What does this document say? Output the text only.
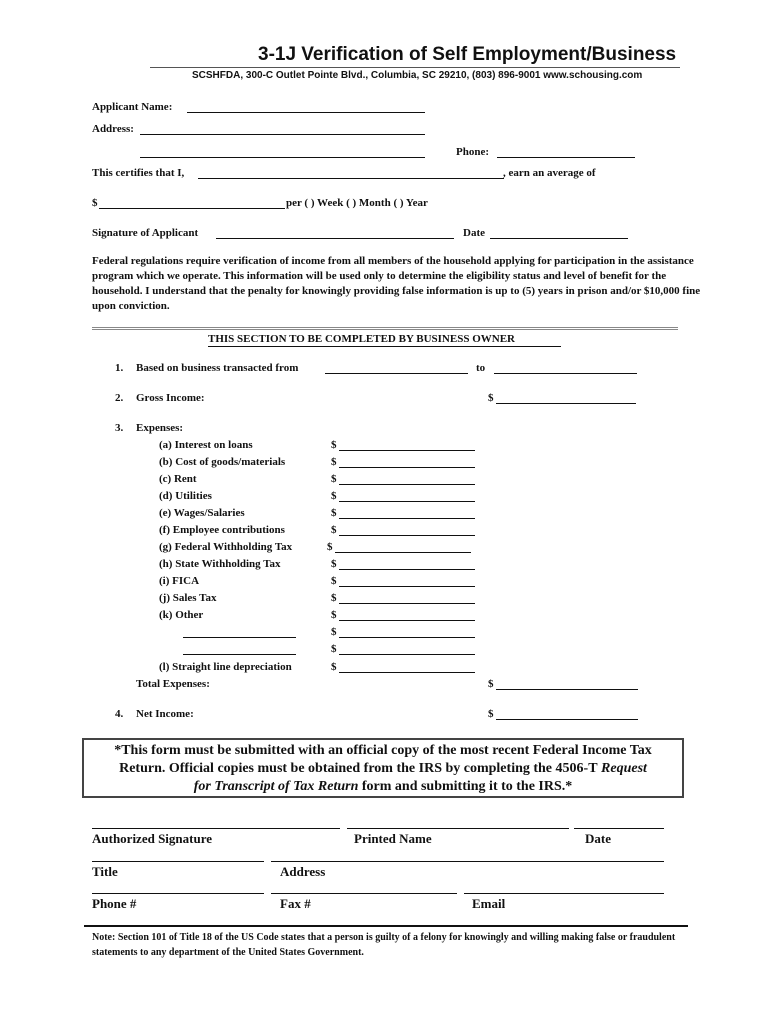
3-1J Verification of Self Employment/Business
SCSHFDA, 300-C Outlet Pointe Blvd., Columbia, SC 29210, (803) 896-9001 www.schousing.com
Applicant Name:
Address:
Phone:
This certifies that I,	, earn an average of
$	per ( ) Week ( ) Month ( ) Year
Signature of Applicant	Date
Federal regulations require verification of income from all members of the household applying for participation in the assistance program which we operate. This information will be used only to determine the eligibility status and level of benefit for the household. I understand that the penalty for knowingly providing false information is up to (5) years in prison and/or $10,000 fine upon conviction.
THIS SECTION TO BE COMPLETED BY BUSINESS OWNER
1. Based on business transacted from	to
2. Gross Income:	$
3. Expenses:
(a) Interest on loans	$
(b) Cost of goods/materials	$
(c) Rent	$
(d) Utilities	$
(e) Wages/Salaries	$
(f) Employee contributions	$
(g) Federal Withholding Tax	$
(h) State Withholding Tax	$
(i) FICA	$
(j) Sales Tax	$
(k) Other	$
$
$
(l) Straight line depreciation	$
Total Expenses:	$
4. Net Income:	$
*This form must be submitted with an official copy of the most recent Federal Income Tax
Return. Official copies must be obtained from the IRS by completing the 4506-T Request
for Transcript of Tax Return form and submitting it to the IRS.*
Authorized Signature	Printed Name	Date
Title	Address
Phone #	Fax #	Email
Note: Section 101 of Title 18 of the US Code states that a person is guilty of a felony for knowingly and willing making false or fraudulent statements to any department of the United States Government.
